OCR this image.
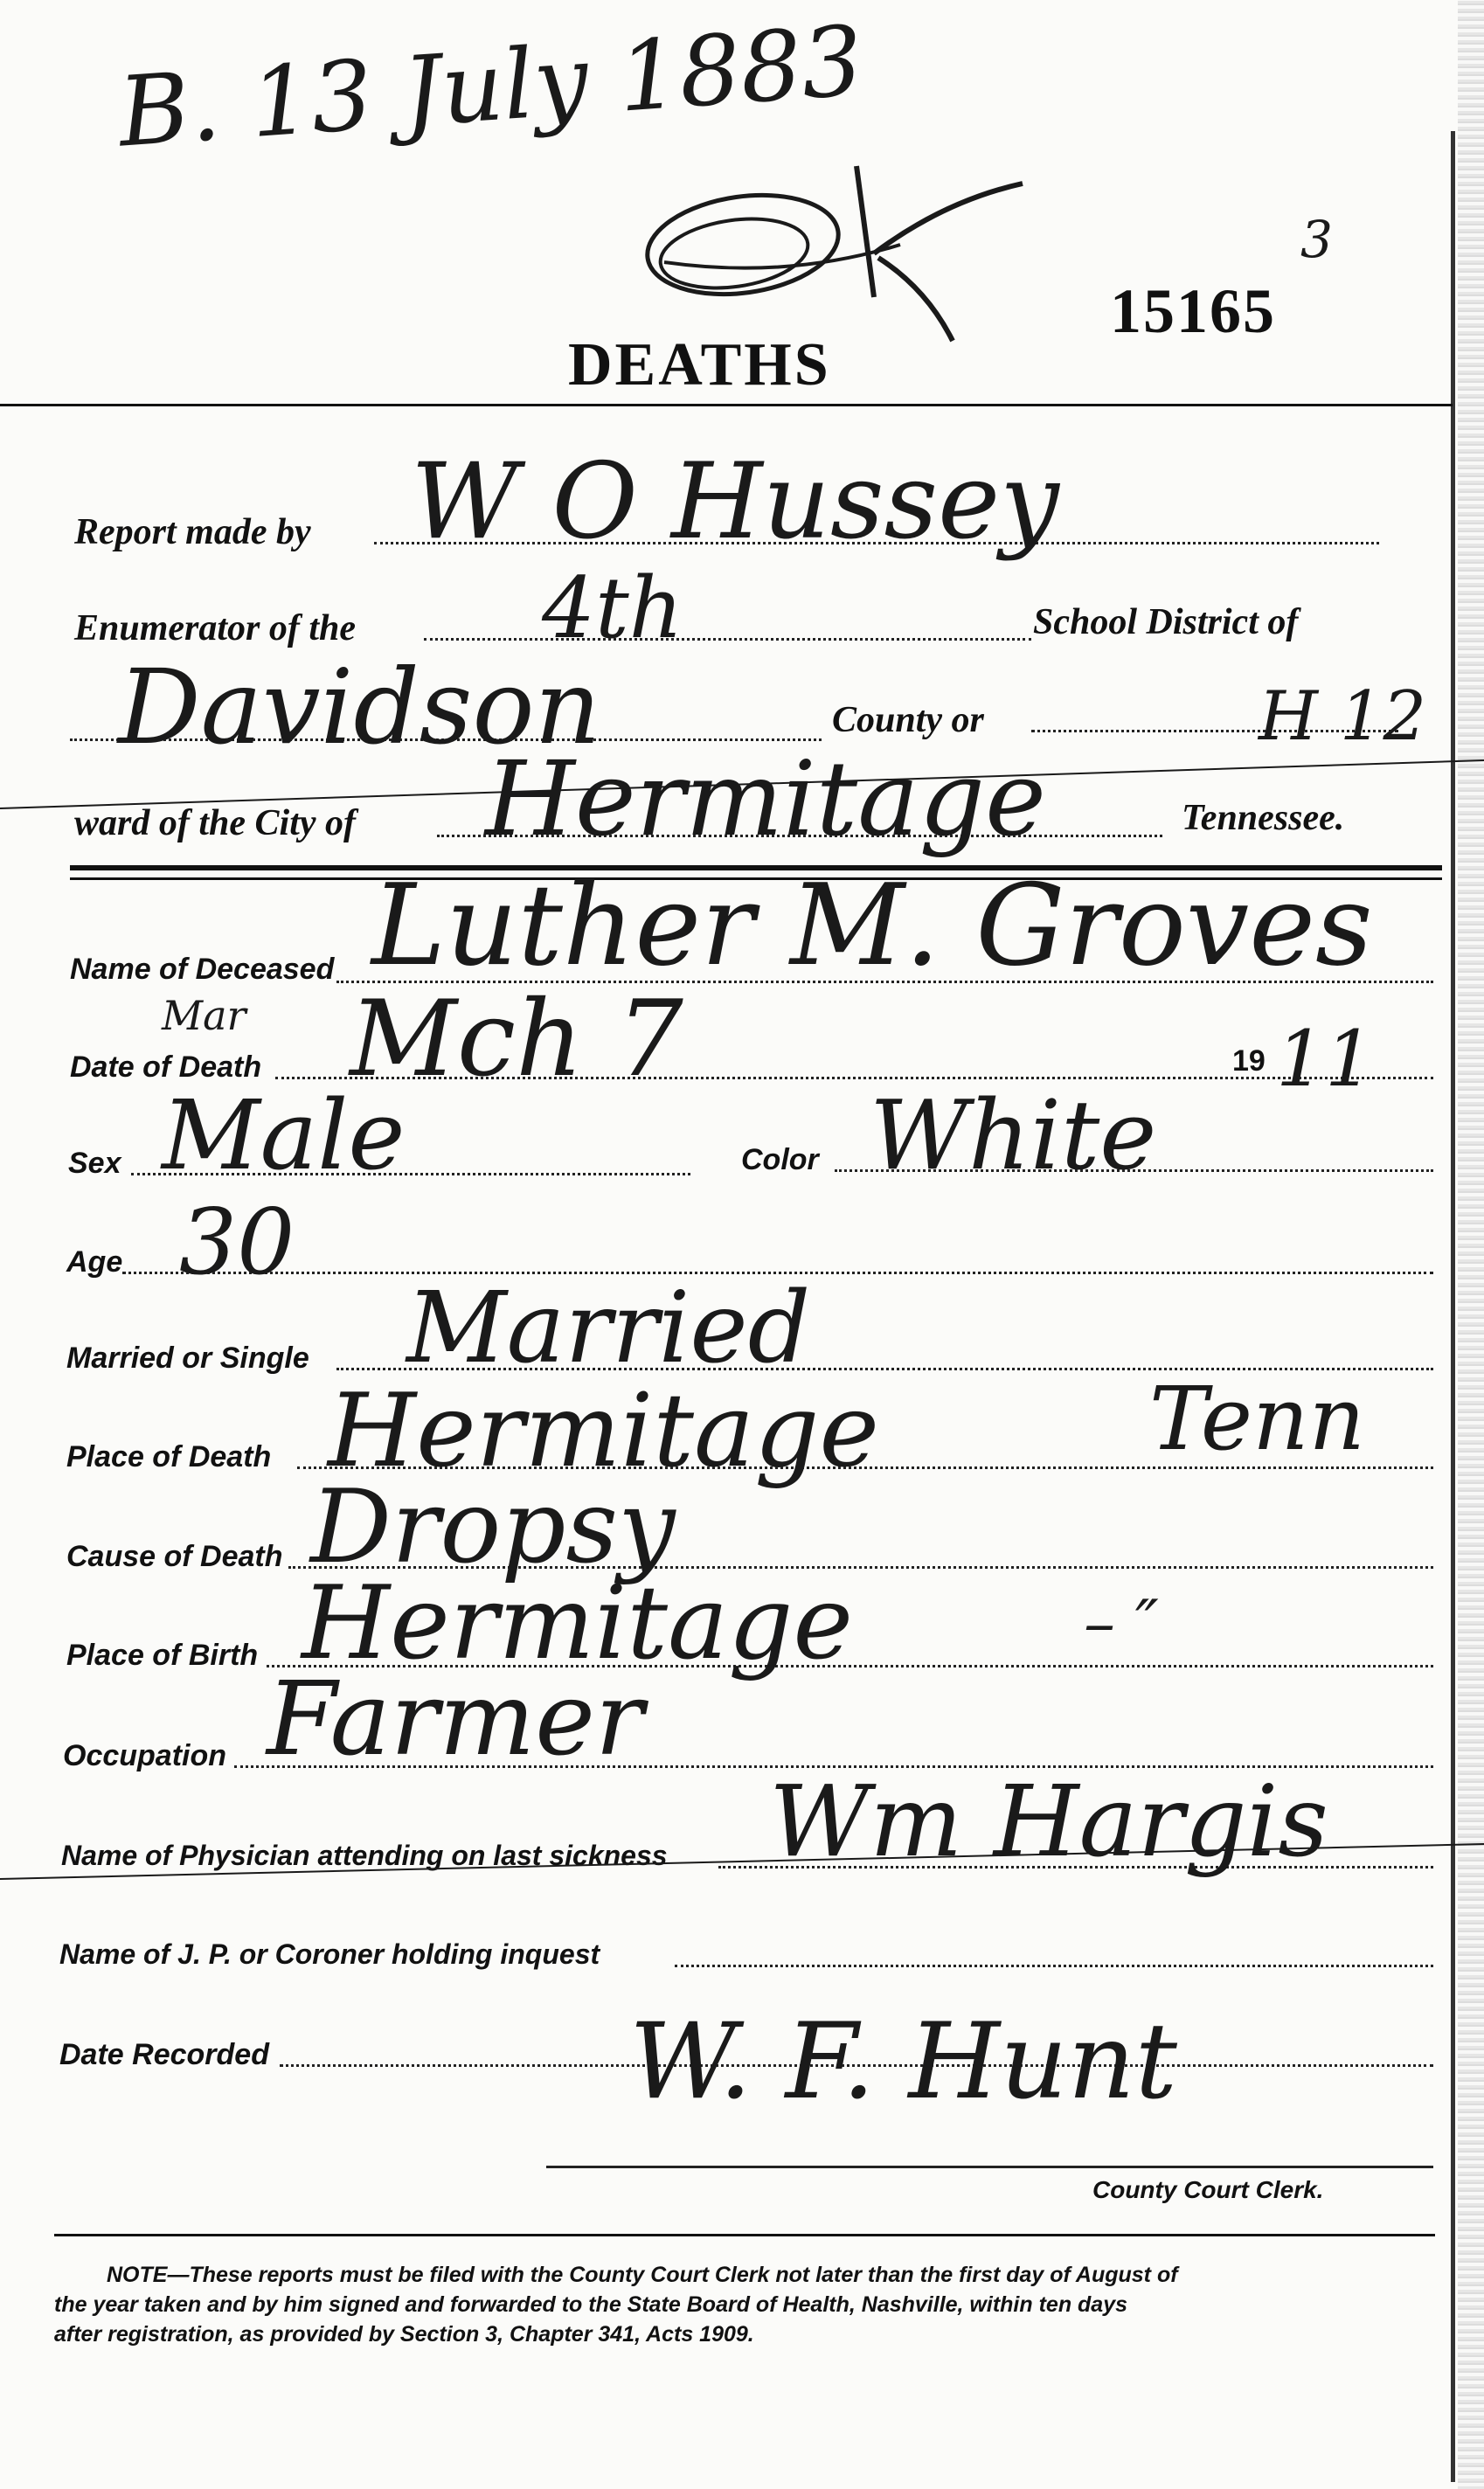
B. 13 July 1883
3
15165
DEATHS
Report made by W O Hussey
Enumerator of the 4th	School District of
Davidson	County or	H 12
ward of the City of Hermitage	Tennessee.
Name of Deceased Luther M. Groves
Mar
Date of Death Mch 7	19 11
Sex Male	Color White
Age 30
Married or Single Married
Place of Death Hermitage	Tenn
Cause of Death Dropsy
Place of Birth Hermitage	– ″
Occupation Farmer
Name of Physician attending on last sickness Wm Hargis
Name of J. P. or Coroner holding inquest
Date Recorded	W. F. Hunt
County Court Clerk.

NOTE—These reports must be filed with the County Court Clerk not later than the first day of August of

the year taken and by him signed and forwarded to the State Board of Health, Nashville, within ten days

after registration, as provided by Section 3, Chapter 341, Acts 1909.
